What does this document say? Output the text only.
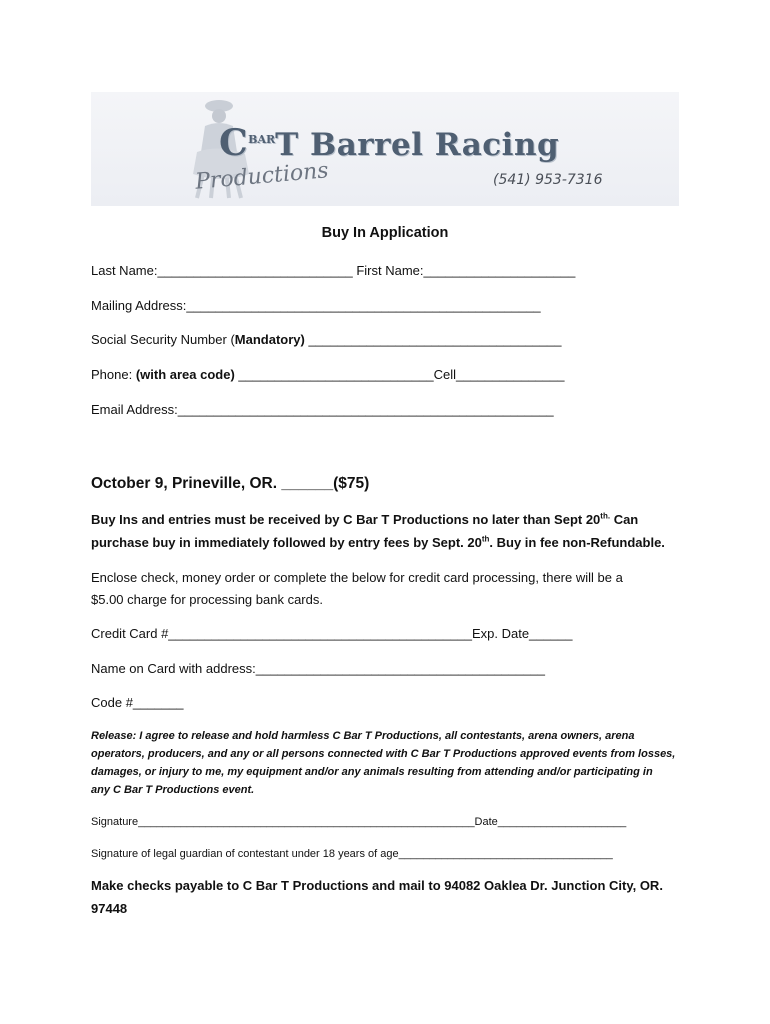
$C^{BAR}T$ Barrel Racing
Productions	(541) 953-7316
Buy In Application
Last Name:___________________________ First Name:_____________________
Mailing Address:_________________________________________________
Social Security Number (Mandatory) ___________________________________
Phone: (with area code) ___________________________Cell_______________
Email Address:____________________________________________________
October 9, Prineville, OR. ______($75)
Buy Ins and entries must be received by C Bar T Productions no later than Sept $20^{th.}$ Can
purchase buy in immediately followed by entry fees by Sept. 20th. Buy in fee non-Refundable.
Enclose check, money order or complete the below for credit card processing, there will be a
$5.00 charge for processing bank cards.
Credit Card #__________________________________________Exp. Date______
Name on Card with address:________________________________________
Code #_______
Release: I agree to release and hold harmless C Bar T Productions, all contestants, arena owners, arena
operators, producers, and any or all persons connected with C Bar T Productions approved events from losses,
damages, or injury to me, my equipment and/or any animals resulting from attending and/or participating in
any C Bar T Productions event.
Signature_______________________________________________________Date_____________________
Signature of legal guardian of contestant under 18 years of age___________________________________
Make checks payable to C Bar T Productions and mail to 94082 Oaklea Dr. Junction City, OR.
97448
